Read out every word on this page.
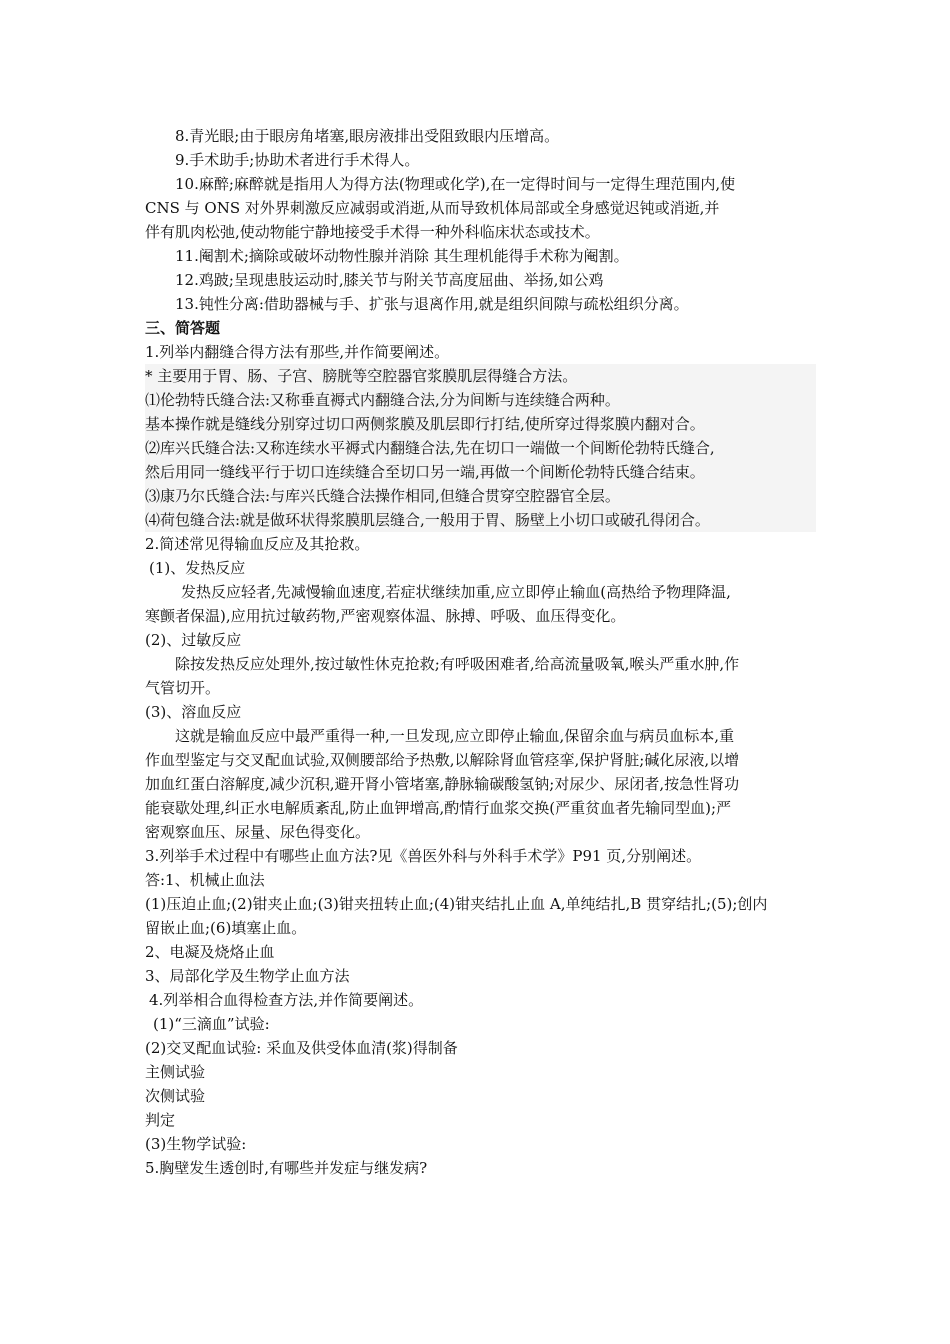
8.青光眼;由于眼房角堵塞,眼房液排出受阻致眼内压增高。
9.手术助手;协助术者进行手术得人。
10.麻醉;麻醉就是指用人为得方法(物理或化学),在一定得时间与一定得生理范围内,使
CNS 与 ONS 对外界刺激反应减弱或消逝,从而导致机体局部或全身感觉迟钝或消逝,并
伴有肌肉松弛,使动物能宁静地接受手术得一种外科临床状态或技术。
11.阉割术;摘除或破坏动物性腺并消除 其生理机能得手术称为阉割。
12.鸡跛;呈现患肢运动时,膝关节与附关节高度屈曲、举扬,如公鸡
13.钝性分离:借助器械与手、扩张与退离作用,就是组织间隙与疏松组织分离。
三、简答题
1.列举内翻缝合得方法有那些,并作简要阐述。
* 主要用于胃、肠、子宫、膀胱等空腔器官浆膜肌层得缝合方法。
⑴伦勃特氏缝合法:又称垂直褥式内翻缝合法,分为间断与连续缝合两种。
基本操作就是缝线分别穿过切口两侧浆膜及肌层即行打结,使所穿过得浆膜内翻对合。
⑵库兴氏缝合法:又称连续水平褥式内翻缝合法,先在切口一端做一个间断伦勃特氏缝合,
然后用同一缝线平行于切口连续缝合至切口另一端,再做一个间断伦勃特氏缝合结束。
⑶康乃尔氏缝合法:与库兴氏缝合法操作相同,但缝合贯穿空腔器官全层。
⑷荷包缝合法:就是做环状得浆膜肌层缝合,一般用于胃、肠壁上小切口或破孔得闭合。
2.简述常见得输血反应及其抢救。
(1)、发热反应
发热反应轻者,先减慢输血速度,若症状继续加重,应立即停止输血(高热给予物理降温,
寒颤者保温),应用抗过敏药物,严密观察体温、脉搏、呼吸、血压得变化。
(2)、过敏反应
除按发热反应处理外,按过敏性休克抢救;有呼吸困难者,给高流量吸氧,喉头严重水肿,作
气管切开。
(3)、溶血反应
这就是输血反应中最严重得一种,一旦发现,应立即停止输血,保留余血与病员血标本,重
作血型鉴定与交叉配血试验,双侧腰部给予热敷,以解除肾血管痉挛,保护肾脏;碱化尿液,以增
加血红蛋白溶解度,减少沉积,避开肾小管堵塞,静脉输碳酸氢钠;对尿少、尿闭者,按急性肾功
能衰歇处理,纠正水电解质紊乱,防止血钾增高,酌情行血浆交换(严重贫血者先输同型血);严
密观察血压、尿量、尿色得变化。
3.列举手术过程中有哪些止血方法?见《兽医外科与外科手术学》P91 页,分别阐述。
答:1、机械止血法
(1)压迫止血;(2)钳夹止血;(3)钳夹扭转止血;(4)钳夹结扎止血 A,单纯结扎,B 贯穿结扎;(5);创内
留嵌止血;(6)填塞止血。
2、电凝及烧烙止血
3、局部化学及生物学止血方法
4.列举相合血得检查方法,并作简要阐述。
(1)“三滴血”试验:
(2)交叉配血试验: 采血及供受体血清(浆)得制备
主侧试验
次侧试验
判定
(3)生物学试验:
5.胸壁发生透创时,有哪些并发症与继发病?
